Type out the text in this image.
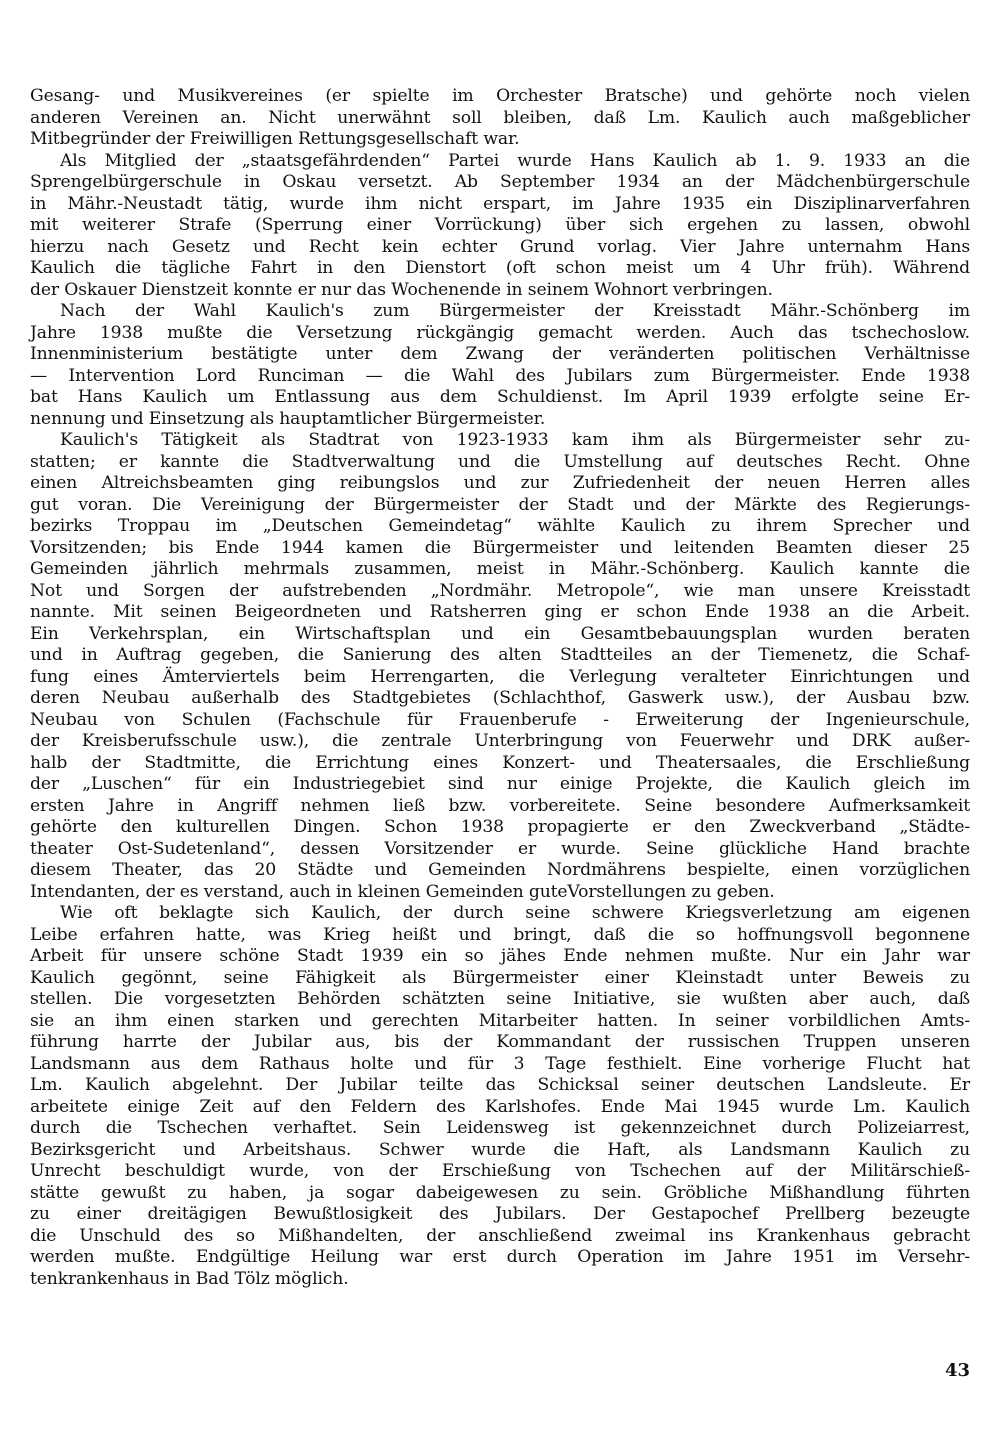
Gesang- und Musikvereines (er spielte im Orchester Bratsche) und gehörte noch vielen
anderen Vereinen an. Nicht unerwähnt soll bleiben, daß Lm. Kaulich auch maßgeblicher
Mitbegründer der Freiwilligen Rettungsgesellschaft war.
Als Mitglied der „staatsgefährdenden“ Partei wurde Hans Kaulich ab 1. 9. 1933 an die
Sprengelbürgerschule in Oskau versetzt. Ab September 1934 an der Mädchenbürgerschule
in Mähr.-Neustadt tätig, wurde ihm nicht erspart, im Jahre 1935 ein Disziplinarverfahren
mit weiterer Strafe (Sperrung einer Vorrückung) über sich ergehen zu lassen, obwohl
hierzu nach Gesetz und Recht kein echter Grund vorlag. Vier Jahre unternahm Hans
Kaulich die tägliche Fahrt in den Dienstort (oft schon meist um 4 Uhr früh). Während
der Oskauer Dienstzeit konnte er nur das Wochenende in seinem Wohnort verbringen.
Nach der Wahl Kaulich's zum Bürgermeister der Kreisstadt Mähr.-Schönberg im
Jahre 1938 mußte die Versetzung rückgängig gemacht werden. Auch das tschechoslow.
Innenministerium bestätigte unter dem Zwang der veränderten politischen Verhältnisse
— Intervention Lord Runciman — die Wahl des Jubilars zum Bürgermeister. Ende 1938
bat Hans Kaulich um Entlassung aus dem Schuldienst. Im April 1939 erfolgte seine Er-
nennung und Einsetzung als hauptamtlicher Bürgermeister.
Kaulich's Tätigkeit als Stadtrat von 1923-1933 kam ihm als Bürgermeister sehr zu-
statten; er kannte die Stadtverwaltung und die Umstellung auf deutsches Recht. Ohne
einen Altreichsbeamten ging reibungslos und zur Zufriedenheit der neuen Herren alles
gut voran. Die Vereinigung der Bürgermeister der Stadt und der Märkte des Regierungs-
bezirks Troppau im „Deutschen Gemeindetag“ wählte Kaulich zu ihrem Sprecher und
Vorsitzenden; bis Ende 1944 kamen die Bürgermeister und leitenden Beamten dieser 25
Gemeinden jährlich mehrmals zusammen, meist in Mähr.-Schönberg. Kaulich kannte die
Not und Sorgen der aufstrebenden „Nordmähr. Metropole“, wie man unsere Kreisstadt
nannte. Mit seinen Beigeordneten und Ratsherren ging er schon Ende 1938 an die Arbeit.
Ein Verkehrsplan, ein Wirtschaftsplan und ein Gesamtbebauungsplan wurden beraten
und in Auftrag gegeben, die Sanierung des alten Stadtteiles an der Tiemenetz, die Schaf-
fung eines Ämterviertels beim Herrengarten, die Verlegung veralteter Einrichtungen und
deren Neubau außerhalb des Stadtgebietes (Schlachthof, Gaswerk usw.), der Ausbau bzw.
Neubau von Schulen (Fachschule für Frauenberufe - Erweiterung der Ingenieurschule,
der Kreisberufsschule usw.), die zentrale Unterbringung von Feuerwehr und DRK außer-
halb der Stadtmitte, die Errichtung eines Konzert- und Theatersaales, die Erschließung
der „Luschen“ für ein Industriegebiet sind nur einige Projekte, die Kaulich gleich im
ersten Jahre in Angriff nehmen ließ bzw. vorbereitete. Seine besondere Aufmerksamkeit
gehörte den kulturellen Dingen. Schon 1938 propagierte er den Zweckverband „Städte-
theater Ost-Sudetenland“, dessen Vorsitzender er wurde. Seine glückliche Hand brachte
diesem Theater, das 20 Städte und Gemeinden Nordmährens bespielte, einen vorzüglichen
Intendanten, der es verstand, auch in kleinen Gemeinden guteVorstellungen zu geben.
Wie oft beklagte sich Kaulich, der durch seine schwere Kriegsverletzung am eigenen
Leibe erfahren hatte, was Krieg heißt und bringt, daß die so hoffnungsvoll begonnene
Arbeit für unsere schöne Stadt 1939 ein so jähes Ende nehmen mußte. Nur ein Jahr war
Kaulich gegönnt, seine Fähigkeit als Bürgermeister einer Kleinstadt unter Beweis zu
stellen. Die vorgesetzten Behörden schätzten seine Initiative, sie wußten aber auch, daß
sie an ihm einen starken und gerechten Mitarbeiter hatten. In seiner vorbildlichen Amts-
führung harrte der Jubilar aus, bis der Kommandant der russischen Truppen unseren
Landsmann aus dem Rathaus holte und für 3 Tage festhielt. Eine vorherige Flucht hat
Lm. Kaulich abgelehnt. Der Jubilar teilte das Schicksal seiner deutschen Landsleute. Er
arbeitete einige Zeit auf den Feldern des Karlshofes. Ende Mai 1945 wurde Lm. Kaulich
durch die Tschechen verhaftet. Sein Leidensweg ist gekennzeichnet durch Polizeiarrest,
Bezirksgericht und Arbeitshaus. Schwer wurde die Haft, als Landsmann Kaulich zu
Unrecht beschuldigt wurde, von der Erschießung von Tschechen auf der Militärschieß-
stätte gewußt zu haben, ja sogar dabeigewesen zu sein. Gröbliche Mißhandlung führten
zu einer dreitägigen Bewußtlosigkeit des Jubilars. Der Gestapochef Prellberg bezeugte
die Unschuld des so Mißhandelten, der anschließend zweimal ins Krankenhaus gebracht
werden mußte. Endgültige Heilung war erst durch Operation im Jahre 1951 im Versehr-
tenkrankenhaus in Bad Tölz möglich.
43
